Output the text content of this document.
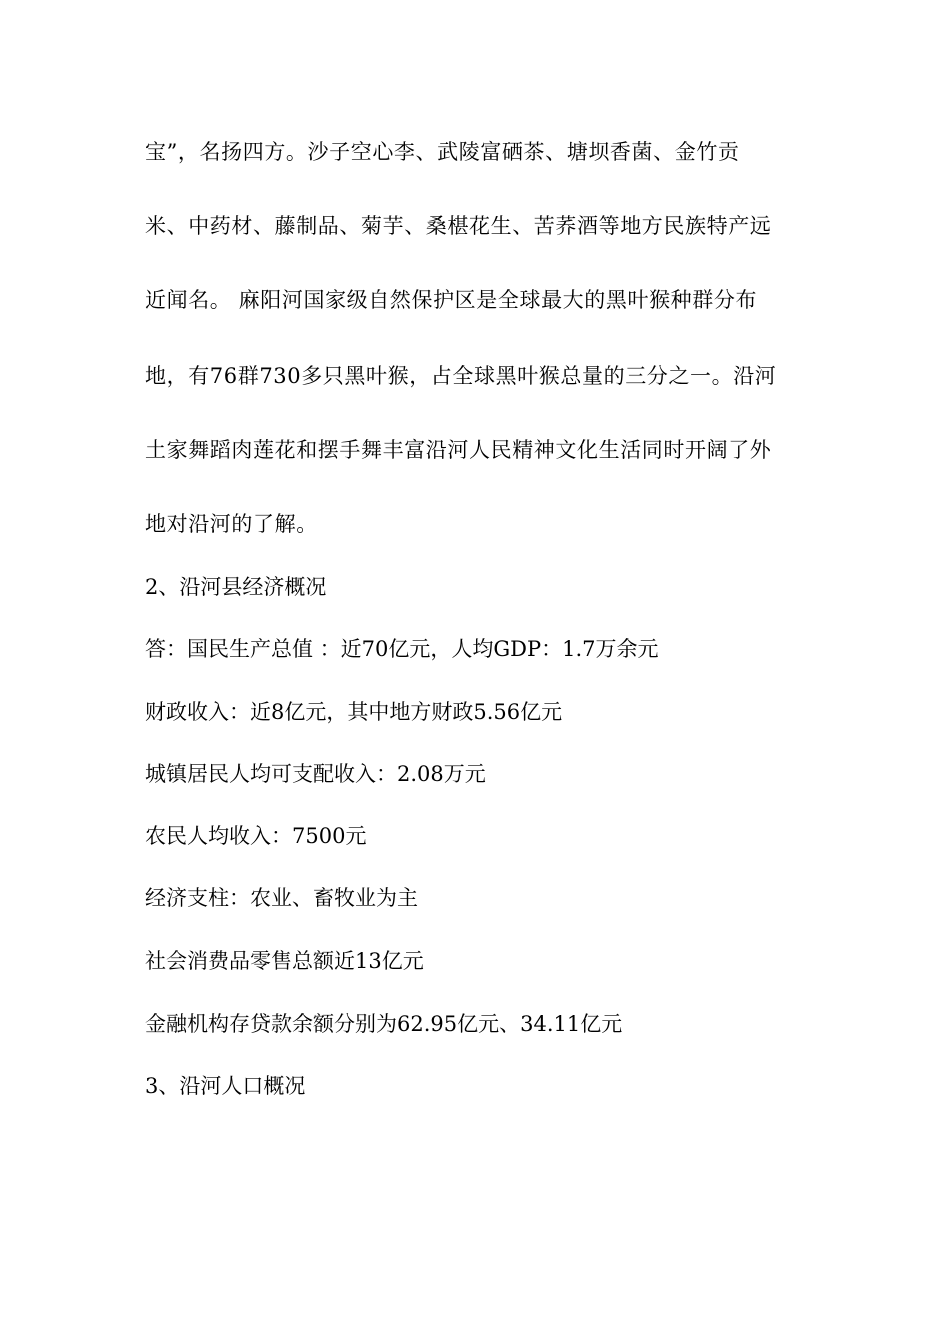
宝”，名扬四方。沙子空心李、武陵富硒茶、塘坝香菌、金竹贡
米、中药材、藤制品、菊芋、桑椹花生、苦荞酒等地方民族特产远
近闻名。 麻阳河国家级自然保护区是全球最大的黑叶猴种群分布
地，有76群730多只黑叶猴，占全球黑叶猴总量的三分之一。沿河
土家舞蹈肉莲花和摆手舞丰富沿河人民精神文化生活同时开阔了外
地对沿河的了解。
2、沿河县经济概况
答：国民生产总值 ：近70亿元，人均GDP：1.7万余元
财政收入：近8亿元，其中地方财政5.56亿元
城镇居民人均可支配收入：2.08万元
农民人均收入：7500元
经济支柱：农业、畜牧业为主
社会消费品零售总额近13亿元
金融机构存贷款余额分别为62.95亿元、34.11亿元
3、沿河人口概况
